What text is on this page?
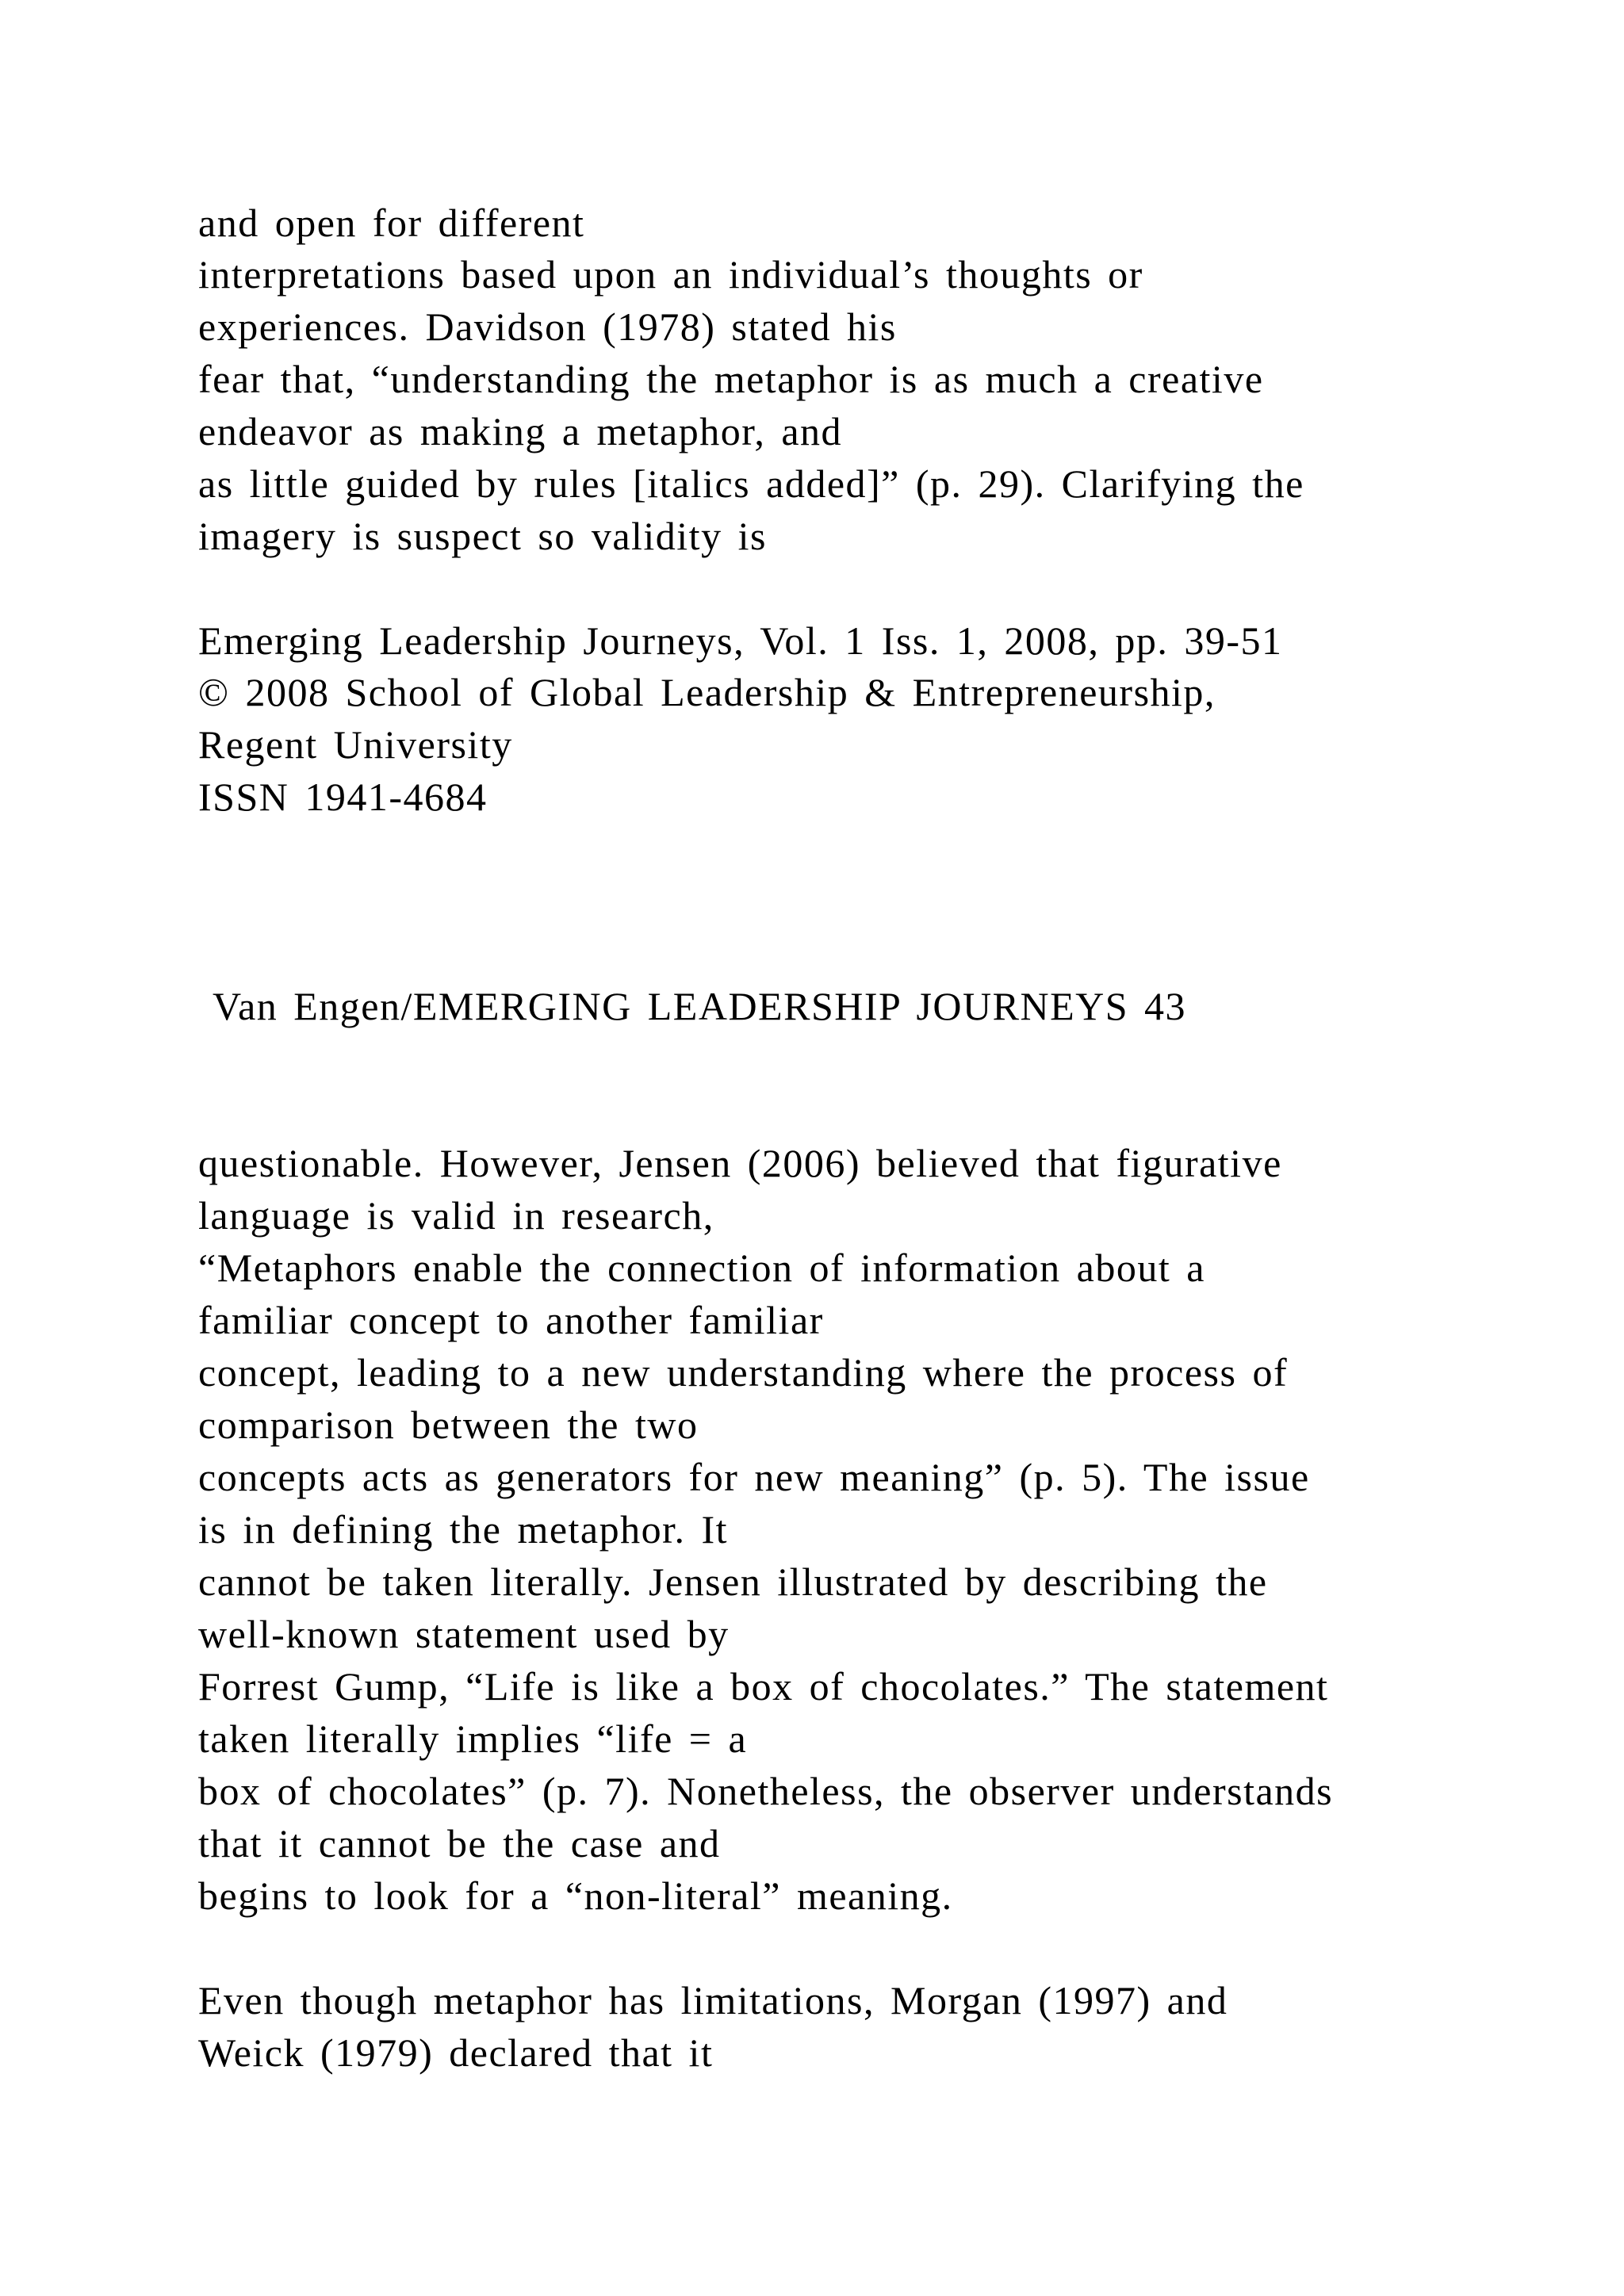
and open for different
interpretations based upon an individual’s thoughts or
experiences. Davidson (1978) stated his
fear that, “understanding the metaphor is as much a creative
endeavor as making a metaphor, and
as little guided by rules [italics added]” (p. 29). Clarifying the
imagery is suspect so validity is
Emerging Leadership Journeys, Vol. 1 Iss. 1, 2008, pp. 39-51
© 2008 School of Global Leadership & Entrepreneurship,
Regent University
ISSN 1941-4684
Van Engen/EMERGING LEADERSHIP JOURNEYS 43
questionable. However, Jensen (2006) believed that figurative
language is valid in research,
“Metaphors enable the connection of information about a
familiar concept to another familiar
concept, leading to a new understanding where the process of
comparison between the two
concepts acts as generators for new meaning” (p. 5). The issue
is in defining the metaphor. It
cannot be taken literally. Jensen illustrated by describing the
well-known statement used by
Forrest Gump, “Life is like a box of chocolates.” The statement
taken literally implies “life = a
box of chocolates” (p. 7). Nonetheless, the observer understands
that it cannot be the case and
begins to look for a “non-literal” meaning.
Even though metaphor has limitations, Morgan (1997) and
Weick (1979) declared that it
